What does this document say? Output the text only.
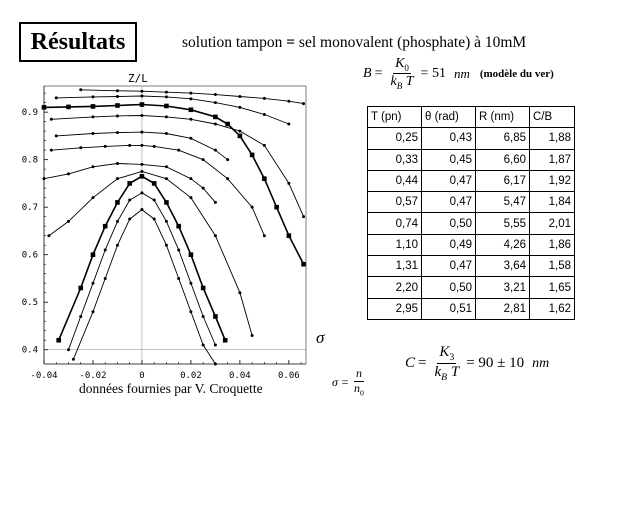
Résultats	solution tampon = sel monovalent (phosphate) à 10mM
Z/L
-0.04 -0.02	0	0.02	0.04	0.06
0.4
0.5
0.6
0.7
0.8
0.9
σ
données fournies par V. Croquette
$B = \frac{K_0}{k_B T} = 51$ nm (modèle du ver)
T (pn)	θ (rad)	R (nm)	C/B
0,25	0,43	6,85	1,88
0,33	0,45	6,60	1,87
0,44	0,47	6,17	1,92
0,57	0,47	5,47	1,84
0,74	0,50	5,55	2,01
1,10	0,49	4,26	1,86
1,31	0,47	3,64	1,58
2,20	0,50	3,21	1,65
2,95	0,51	2,81	1,62
$C = \frac{K_3}{k_B T} = 90 \pm 10$ nm
$\sigma = \frac{n}{n_0}$
